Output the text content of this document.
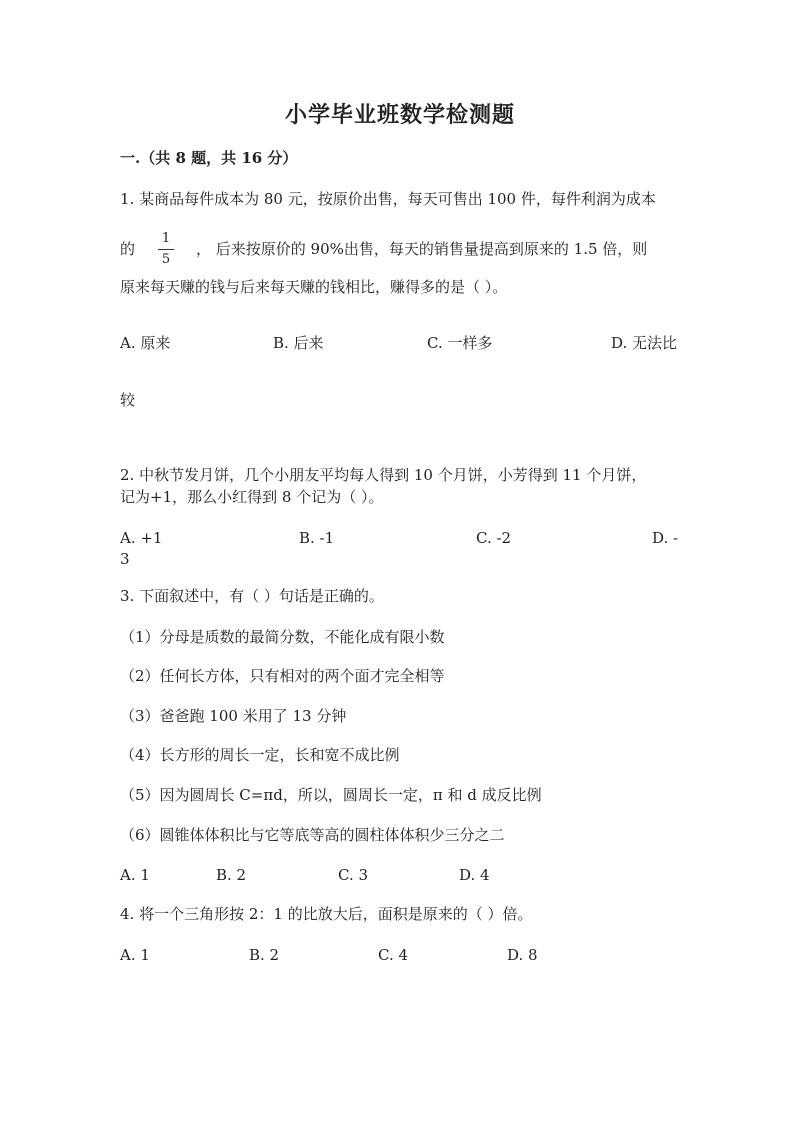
小学毕业班数学检测题
一.（共 8 题，共 16 分）
1. 某商品每件成本为 80 元，按原价出售，每天可售出 100 件，每件利润为成本
的
1
5
， 后来按原价的 90%出售，每天的销售量提高到原来的 1.5 倍，则
原来每天赚的钱与后来每天赚的钱相比，赚得多的是（ ）。
A. 原来	B. 后来	C. 一样多	D. 无法比
较
2. 中秋节发月饼，几个小朋友平均每人得到 10 个月饼，小芳得到 11 个月饼，
记为+1，那么小红得到 8 个记为（ ）。
A. +1	B. -1	C. -2	D. -
3
3. 下面叙述中，有（ ）句话是正确的。
（1）分母是质数的最简分数，不能化成有限小数
（2）任何长方体，只有相对的两个面才完全相等
（3）爸爸跑 100 米用了 13 分钟
（4）长方形的周长一定，长和宽不成比例
（5）因为圆周长 C=πd，所以，圆周长一定，π 和 d 成反比例
（6）圆锥体体积比与它等底等高的圆柱体体积少三分之二
A. 1	B. 2	C. 3	D. 4
4. 将一个三角形按 2：1 的比放大后，面积是原来的（ ）倍。
A. 1	B. 2	C. 4	D. 8
